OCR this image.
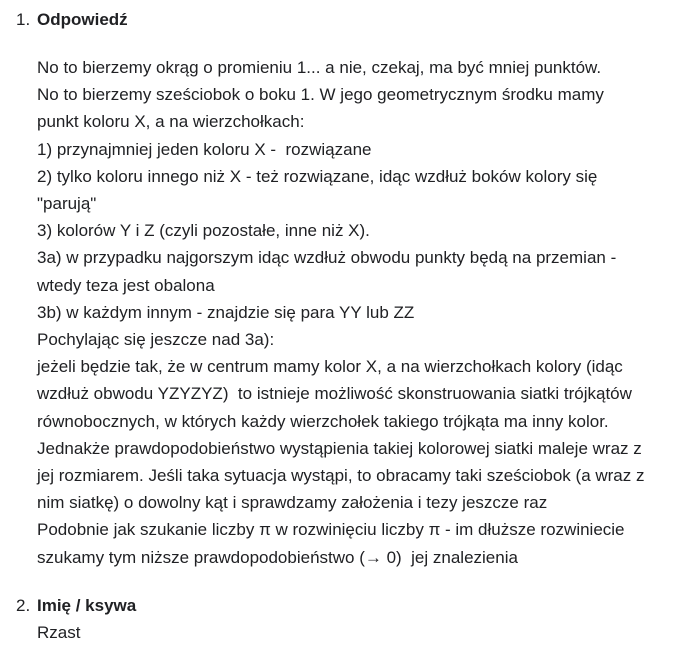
1. Odpowiedź
No to bierzemy okrąg o promieniu 1... a nie, czekaj, ma być mniej punktów.
No to bierzemy sześciobok o boku 1. W jego geometrycznym środku mamy
punkt koloru X, a na wierzchołkach:
1) przynajmniej jeden koloru X -  rozwiązane
2) tylko koloru innego niż X - też rozwiązane, idąc wzdłuż boków kolory się
"parują"
3) kolorów Y i Z (czyli pozostałe, inne niż X).
3a) w przypadku najgorszym idąc wzdłuż obwodu punkty będą na przemian -
wtedy teza jest obalona
3b) w każdym innym - znajdzie się para YY lub ZZ
Pochylając się jeszcze nad 3a):
jeżeli będzie tak, że w centrum mamy kolor X, a na wierzchołkach kolory (idąc
wzdłuż obwodu YZYZYZ)  to istnieje możliwość skonstruowania siatki trójkątów
równobocznych, w których każdy wierzchołek takiego trójkąta ma inny kolor.
Jednakże prawdopodobieństwo wystąpienia takiej kolorowej siatki maleje wraz z
jej rozmiarem. Jeśli taka sytuacja wystąpi, to obracamy taki sześciobok (a wraz z
nim siatkę) o dowolny kąt i sprawdzamy założenia i tezy jeszcze raz
Podobnie jak szukanie liczby π w rozwinięciu liczby π - im dłuższe rozwiniecie
szukamy tym niższe prawdopodobieństwo (→ 0)  jej znalezienia
2. Imię / ksywa
Rzast
